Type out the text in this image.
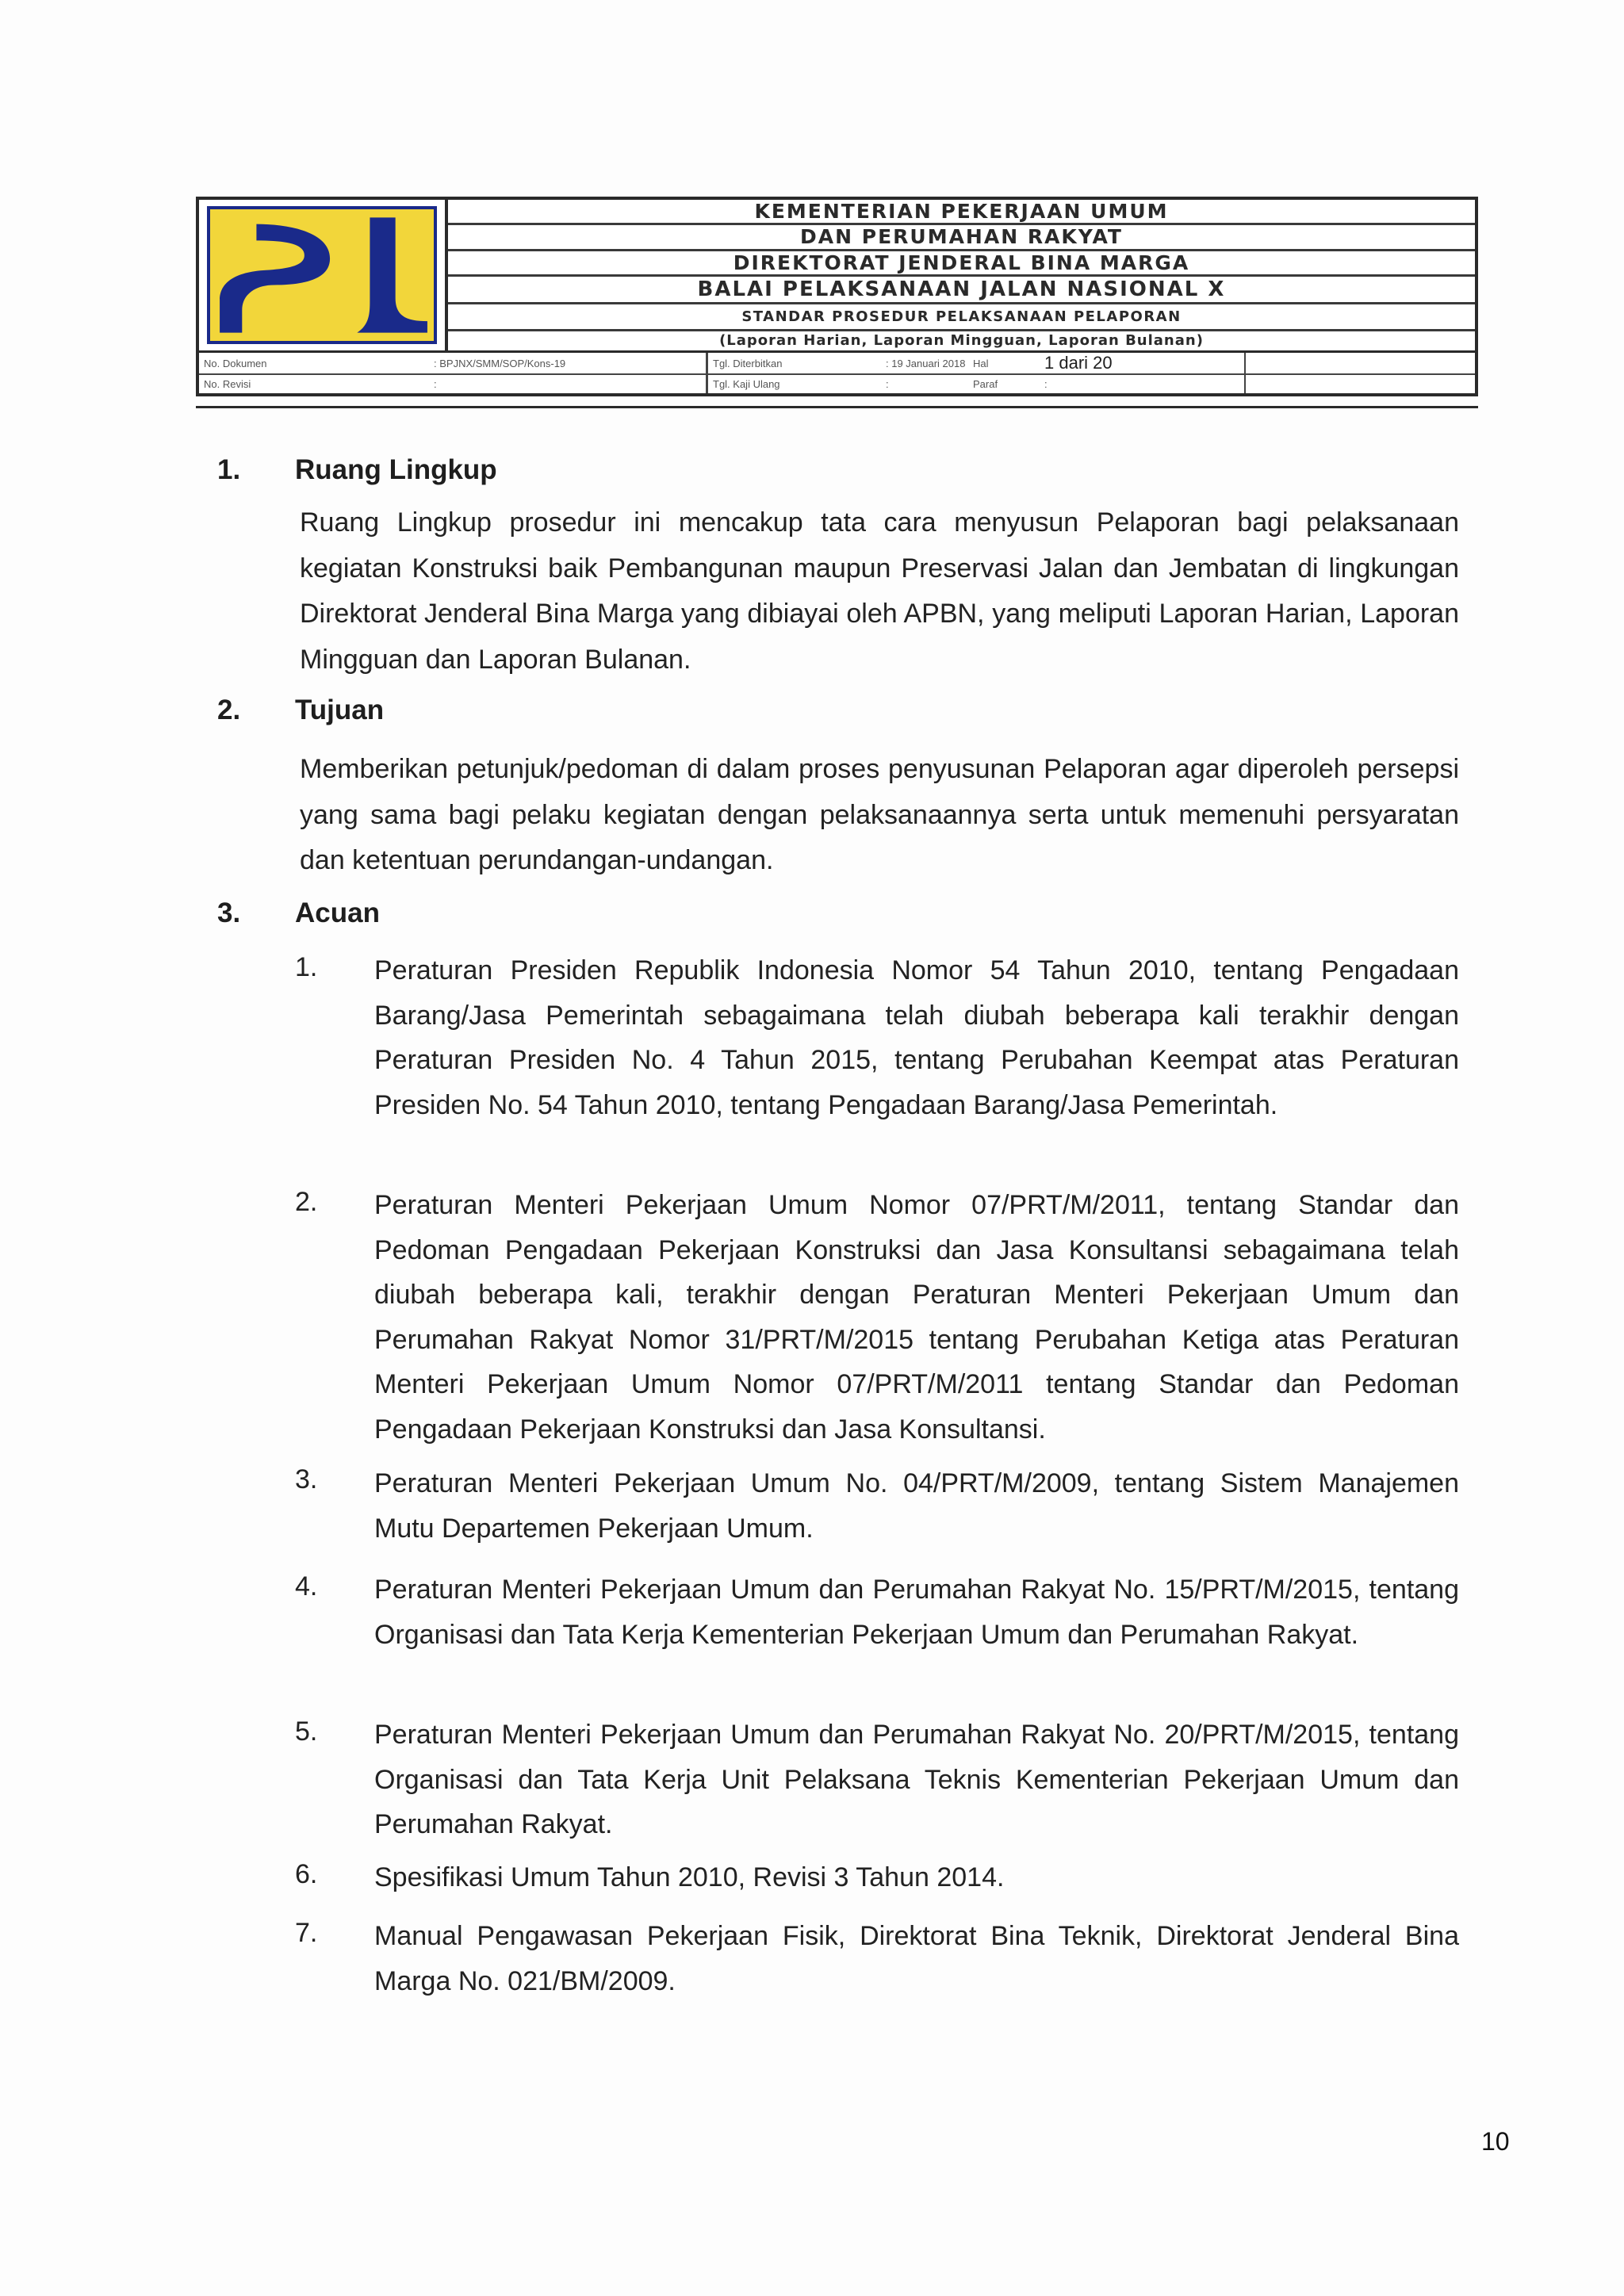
KEMENTERIAN PEKERJAAN UMUM
DAN PERUMAHAN RAKYAT
DIREKTORAT JENDERAL BINA MARGA
BALAI PELAKSANAAN JALAN NASIONAL X
STANDAR PROSEDUR PELAKSANAAN PELAPORAN
(Laporan Harian, Laporan Mingguan, Laporan Bulanan)
No. Dokumen	: BPJNX/SMM/SOP/Kons-19	Tgl. Diterbitkan	: 19 Januari 2018 Hal	1 dari 20
No. Revisi	:	Tgl. Kaji Ulang	:	Paraf	:
1. Ruang Lingkup

Ruang Lingkup prosedur ini mencakup tata cara menyusun Pelaporan bagi pelaksanaan kegiatan Konstruksi baik Pembangunan maupun Preservasi Jalan dan Jembatan di lingkungan Direktorat Jenderal Bina Marga yang dibiayai oleh APBN, yang meliputi Laporan Harian, Laporan Mingguan dan Laporan Bulanan.

2. Tujuan

Memberikan petunjuk/pedoman di dalam proses penyusunan Pelaporan agar diperoleh persepsi yang sama bagi pelaku kegiatan dengan pelaksanaannya serta untuk memenuhi persyaratan dan ketentuan perundangan-undangan.

3. Acuan
1. Peraturan Presiden Republik Indonesia Nomor 54 Tahun 2010, tentang Pengadaan Barang/Jasa Pemerintah sebagaimana telah diubah beberapa kali terakhir dengan Peraturan Presiden No. 4 Tahun 2015, tentang Perubahan Keempat atas Peraturan Presiden No. 54 Tahun 2010, tentang Pengadaan Barang/Jasa Pemerintah.

2. Peraturan Menteri Pekerjaan Umum Nomor 07/PRT/M/2011, tentang Standar dan Pedoman Pengadaan Pekerjaan Konstruksi dan Jasa Konsultansi sebagaimana telah diubah beberapa kali, terakhir dengan Peraturan Menteri Pekerjaan Umum dan Perumahan Rakyat Nomor 31/PRT/M/2015 tentang Perubahan Ketiga atas Peraturan Menteri Pekerjaan Umum Nomor 07/PRT/M/2011 tentang Standar dan Pedoman Pengadaan Pekerjaan Konstruksi dan Jasa Konsultansi.

3. Peraturan Menteri Pekerjaan Umum No. 04/PRT/M/2009, tentang Sistem Manajemen Mutu Departemen Pekerjaan Umum.

4. Peraturan Menteri Pekerjaan Umum dan Perumahan Rakyat No. 15/PRT/M/2015, tentang Organisasi dan Tata Kerja Kementerian Pekerjaan Umum dan Perumahan Rakyat.

5. Peraturan Menteri Pekerjaan Umum dan Perumahan Rakyat No. 20/PRT/M/2015, tentang Organisasi dan Tata Kerja Unit Pelaksana Teknis Kementerian Pekerjaan Umum dan Perumahan Rakyat.

6. Spesifikasi Umum Tahun 2010, Revisi 3 Tahun 2014.

7. Manual Pengawasan Pekerjaan Fisik, Direktorat Bina Teknik, Direktorat Jenderal Bina Marga No. 021/BM/2009.

10
